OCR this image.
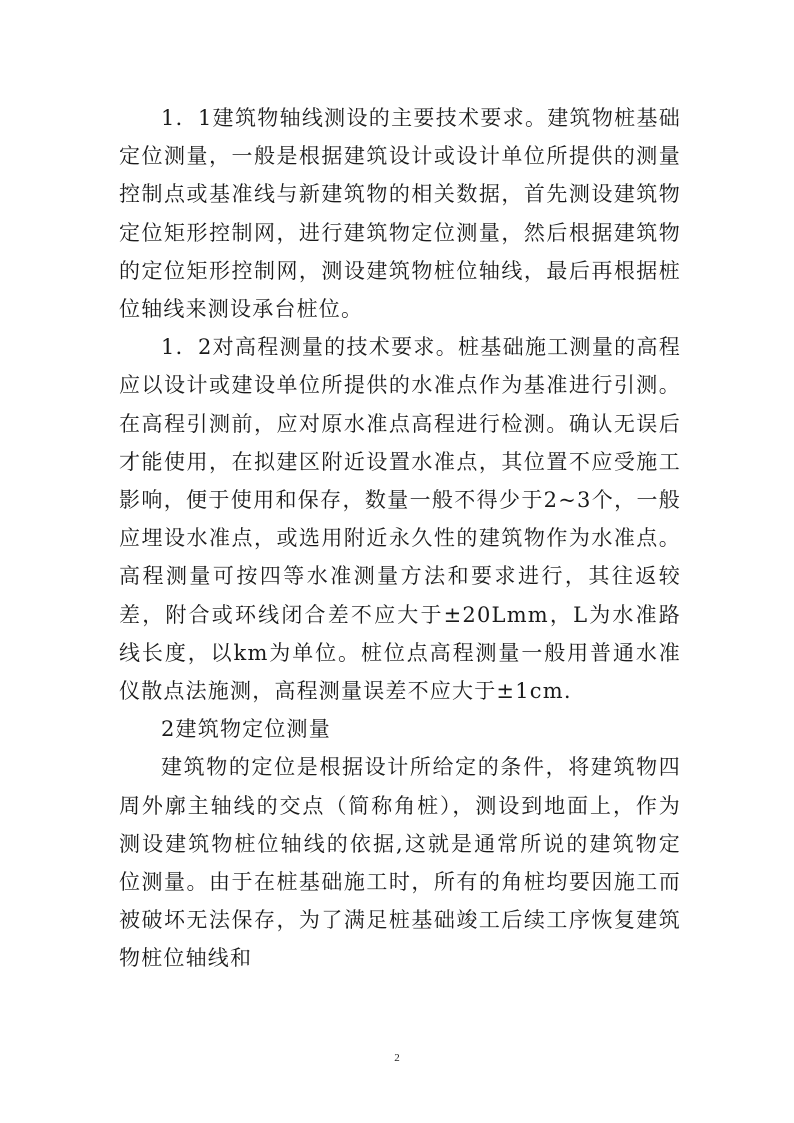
1．1建筑物轴线测设的主要技术要求。建筑物桩基础定位测量，一般是根据建筑设计或设计单位所提供的测量控制点或基准线与新建筑物的相关数据，首先测设建筑物定位矩形控制网，进行建筑物定位测量，然后根据建筑物的定位矩形控制网，测设建筑物桩位轴线，最后再根据桩位轴线来测设承台桩位。

1．2对高程测量的技术要求。桩基础施工测量的高程应以设计或建设单位所提供的水准点作为基准进行引测。在高程引测前，应对原水准点高程进行检测。确认无误后才能使用，在拟建区附近设置水准点，其位置不应受施工影响，便于使用和保存，数量一般不得少于2~3个，一般应埋设水准点，或选用附近永久性的建筑物作为水准点。高程测量可按四等水准测量方法和要求进行，其往返较差，附合或环线闭合差不应大于±20Lmm，L为水准路线长度，以km为单位。桩位点高程测量一般用普通水准仪散点法施测，高程测量误差不应大于±1cm.

2建筑物定位测量

建筑物的定位是根据设计所给定的条件，将建筑物四周外廓主轴线的交点（简称角桩），测设到地面上，作为测设建筑物桩位轴线的依据,这就是通常所说的建筑物定位测量。由于在桩基础施工时，所有的角桩均要因施工而被破坏无法保存，为了满足桩基础竣工后续工序恢复建筑物桩位轴线和

2
